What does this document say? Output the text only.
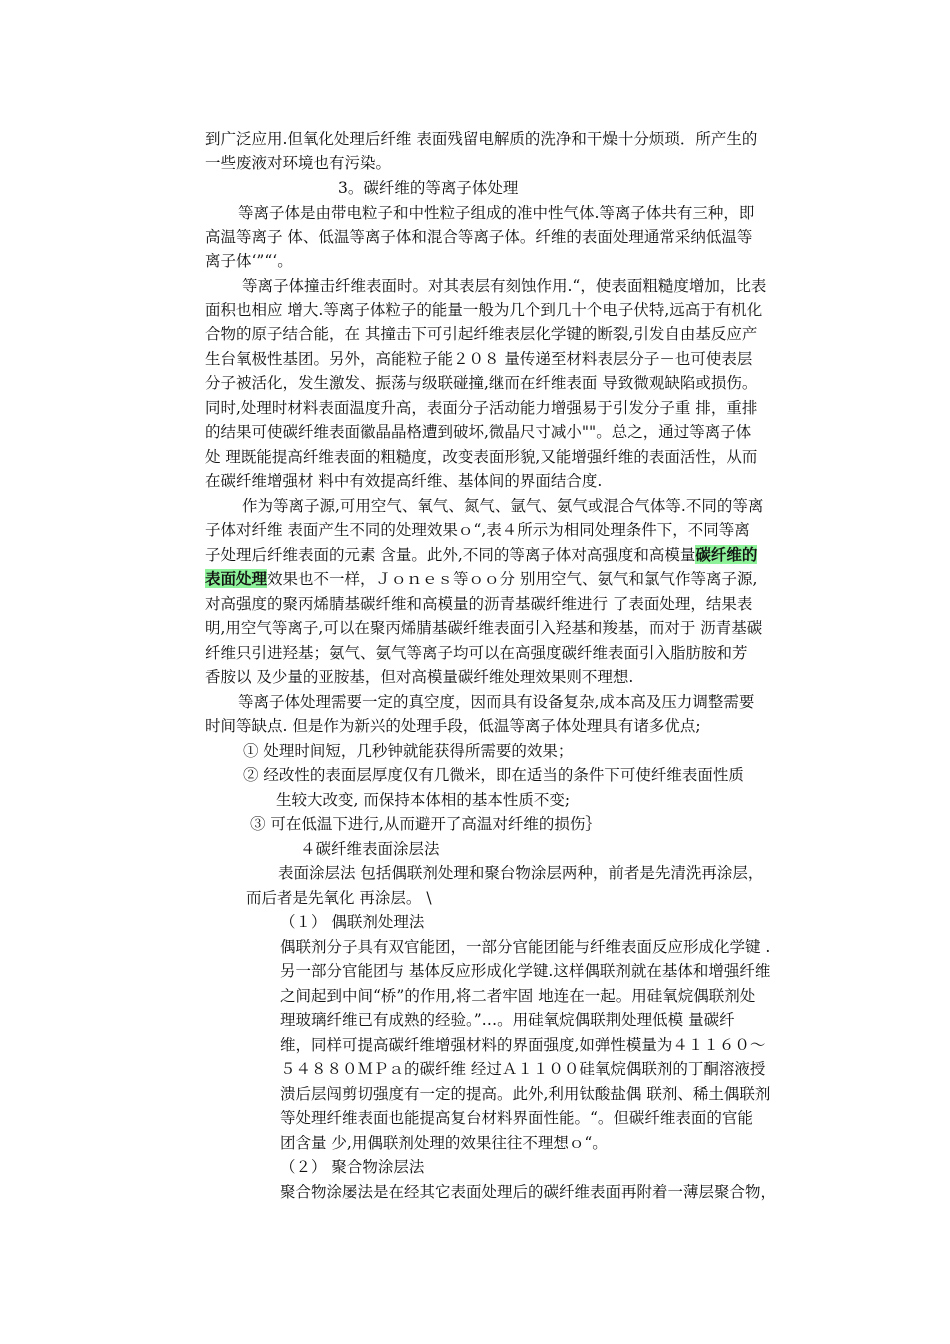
到广泛应用.但氧化处理后纤维 表面残留电解质的洗净和干燥十分烦琐．所产生的
一些废液对环境也有污染。
3。碳纤维的等离子体处理
等离子体是由带电粒子和中性粒子组成的准中性气体.等离子体共有三种，即
高温等离子 体、低温等离子体和混合等离子体。纤维的表面处理通常采纳低温等
离子体‘”“‘。
等离子体撞击纤维表面时。对其表层有刻蚀作用.“，使表面粗糙度增加，比表
面积也相应 增大.等离子体粒子的能量一般为几个到几十个电子伏特,远高于有机化
合物的原子结合能，在 其撞击下可引起纤维表层化学键的断裂,引发自由基反应产
生台氧极性基团。另外，高能粒子能２０８ 量传递至材料表层分子－也可使表层
分子被活化，发生激发、振荡与级联碰撞,继而在纤维表面 导致微观缺陷或损伤。
同时,处理时材料表面温度升高，表面分子活动能力增强易于引发分子重 排，重排
的结果可使碳纤维表面徽晶晶格遭到破坏,微晶尺寸减小""。总之，通过等离子体
处 理既能提高纤维表面的粗糙度，改变表面形貌,又能增强纤维的表面活性，从而
在碳纤维增强材 料中有效提高纤维、基体间的界面结合度.
作为等离子源,可用空气、氧气、氮气、氩气、氨气或混合气体等.不同的等离
子体对纤维 表面产生不同的处理效果ｏ“,表４所示为相同处理条件下，不同等离
子处理后纤维表面的元素 含量。此外,不同的等离子体对高强度和高模量碳纤维的
表面处理效果也不一样，Ｊｏｎｅｓ等ｏｏ分 别用空气、氨气和氯气作等离子源,
对高强度的聚丙烯腈基碳纤维和高模量的沥青基碳纤维进行 了表面处理，结果表
明,用空气等离子,可以在聚丙烯腈基碳纤维表面引入羟基和羧基，而对于 沥青基碳
纤维只引进羟基；氨气、氨气等离子均可以在高强度碳纤维表面引入脂肪胺和芳
香胺以 及少量的亚胺基，但对高模量碳纤维处理效果则不理想.
等离子体处理需要一定的真空度，因而具有设备复杂,成本高及压力调整需要
时间等缺点. 但是作为新兴的处理手段，低温等离子体处理具有诸多优点;
① 处理时间短，几秒钟就能获得所需要的效果；
② 经改性的表面层厚度仅有几微米，即在适当的条件下可使纤维表面性质
生较大改变, 而保持本体相的基本性质不变;
③ 可在低温下进行,从而避开了高温对纤维的损伤｝
４碳纤维表面涂层法
表面涂层法 包括偶联剂处理和聚台物涂层两种，前者是先清洗再涂层，
而后者是先氧化 再涂层。 \
（１） 偶联剂处理法
偶联剂分子具有双官能团，一部分官能团能与纤维表面反应形成化学键 .
另一部分官能团与 基体反应形成化学键.这样偶联剂就在基体和增强纤维
之间起到中间“桥”的作用,将二者牢固 地连在一起。用硅氧烷偶联剂处
理玻璃纤维已有成熟的经验。”…。用硅氧烷偶联荆处理低模 量碳纤
维，同样可提高碳纤维增强材料的界面强度,如弹性模量为４１１６０～
５４８８０ＭＰａ的碳纤维 经过Ａ１１００硅氧烷偶联剂的丁酮溶液授
溃后层闯剪切强度有一定的提高。此外,利用钛酸盐偶 联剂、稀土偶联剂
等处理纤维表面也能提高复台材料界面性能。“。但碳纤维表面的官能
团含量 少,用偶联剂处理的效果往往不理想ｏ“。
（２） 聚合物涂层法
聚合物涂屡法是在经其它表面处理后的碳纤维表面再附着一薄层聚合物，
